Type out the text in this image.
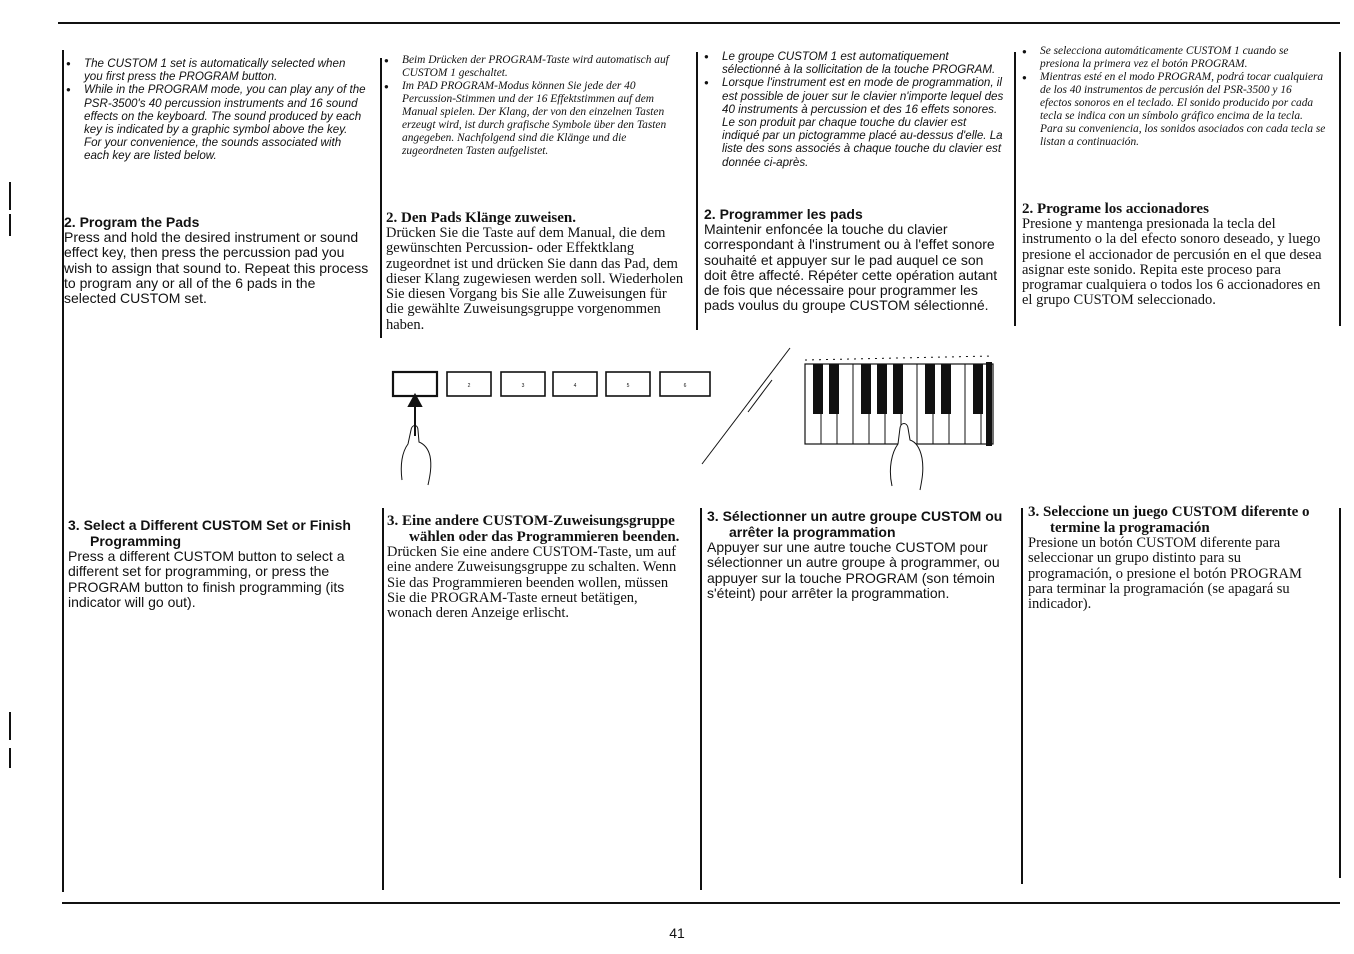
● The CUSTOM 1 set is automatically selected when you first press the PROGRAM button.
● While in the PROGRAM mode, you can play any of the PSR-3500's 40 percussion instruments and 16 sound effects on the keyboard. The sound produced by each key is indicated by a graphic symbol above the key. For your convenience, the sounds associated with each key are listed below.
2. Program the Pads

Press and hold the desired instrument or sound effect key, then press the percussion pad you wish to assign that sound to. Repeat this process to program any or all of the 6 pads in the selected CUSTOM set.

3. Select a Different CUSTOM Set or Finish Programming

Press a different CUSTOM button to select a different set for programming, or press the PROGRAM button to finish programming (its indicator will go out).

● Beim Drücken der PROGRAM-Taste wird automatisch auf CUSTOM 1 geschaltet.
● Im PAD PROGRAM-Modus können Sie jede der 40 Percussion-Stimmen und der 16 Effektstimmen auf dem Manual spielen. Der Klang, der von den einzelnen Tasten erzeugt wird, ist durch grafische Symbole über den Tasten angegeben. Nachfolgend sind die Klänge und die zugeordneten Tasten aufgelistet.
2. Den Pads Klänge zuweisen.

Drücken Sie die Taste auf dem Manual, die dem gewünschten Percussion- oder Effektklang zugeordnet ist und drücken Sie dann das Pad, dem dieser Klang zugewiesen werden soll. Wiederholen Sie diesen Vorgang bis Sie alle Zuweisungen für die gewählte Zuweisungsgruppe vorgenommen haben.

3. Eine andere CUSTOM-Zuweisungsgruppe wählen oder das Programmieren beenden.

Drücken Sie eine andere CUSTOM-Taste, um auf eine andere Zuweisungsgruppe zu schalten. Wenn Sie das Programmieren beenden wollen, müssen Sie die PROGRAM-Taste erneut betätigen, wonach deren Anzeige erlischt.

● Le groupe CUSTOM 1 est automatiquement sélectionné à la sollicitation de la touche PROGRAM.
● Lorsque l'instrument est en mode de programmation, il est possible de jouer sur le clavier n'importe lequel des 40 instruments à percussion et des 16 effets sonores. Le son produit par chaque touche du clavier est indiqué par un pictogramme placé au-dessus d'elle. La liste des sons associés à chaque touche du clavier est donnée ci-après.
2. Programmer les pads

Maintenir enfoncée la touche du clavier correspondant à l'instrument ou à l'effet sonore souhaité et appuyer sur le pad auquel ce son doit être affecté. Répéter cette opération autant de fois que nécessaire pour programmer les pads voulus du groupe CUSTOM sélectionné.

3. Sélectionner un autre groupe CUSTOM ou arrêter la programmation

Appuyer sur une autre touche CUSTOM pour sélectionner un autre groupe à programmer, ou appuyer sur la touche PROGRAM (son témoin s'éteint) pour arrêter la programmation.

● Se selecciona automáticamente CUSTOM 1 cuando se presiona la primera vez el botón PROGRAM.
● Mientras esté en el modo PROGRAM, podrá tocar cualquiera de los 40 instrumentos de percusión del PSR-3500 y 16 efectos sonoros en el teclado. El sonido producido por cada tecla se indica con un símbolo gráfico encima de la tecla. Para su conveniencia, los sonidos asociados con cada tecla se listan a continuación.
2. Programe los accionadores

Presione y mantenga presionada la tecla del instrumento o la del efecto sonoro deseado, y luego presione el accionador de percusión en el que desea asignar este sonido. Repita este proceso para programar cualquiera o todos los 6 accionadores en el grupo CUSTOM seleccionado.

3. Seleccione un juego CUSTOM diferente o termine la programación

Presione un botón CUSTOM diferente para seleccionar un grupo distinto para su programación, o presione el botón PROGRAM para terminar la programación (se apagará su indicador).

2	3	4	5	6
41
